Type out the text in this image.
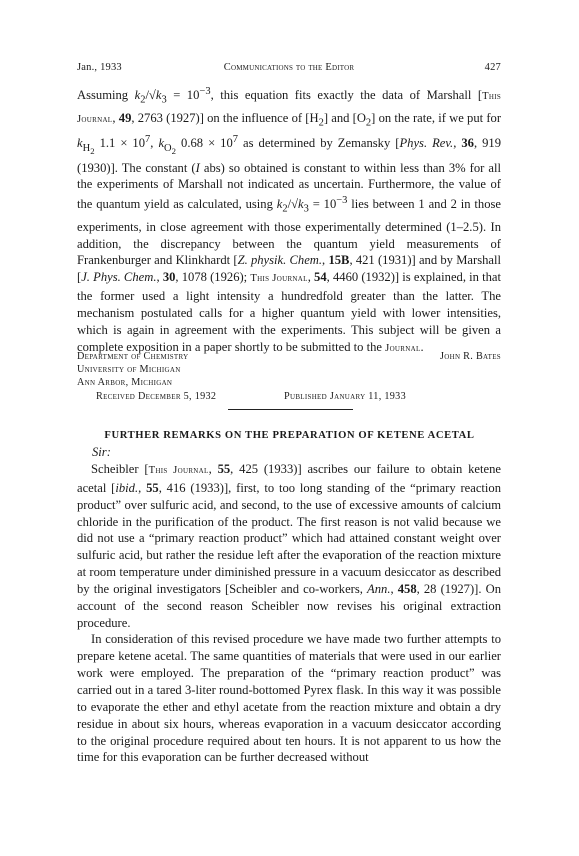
Jan., 1933	Communications to the Editor	427

Assuming $k_2/√k_3 = 10^{-3}$, this equation fits exactly the data of Marshall [This Journal, 49, 2763 (1927)] on the influence of $[H_2]$ and $[O_2]$ on the rate, if we put for $k_{H_2}$ $1.1 \times 10^7$, $k_{O_2}$ $0.68 \times 10^7$ as determined by Zemansky [Phys. Rev., 36, 919 (1930)]. The constant (I abs) so obtained is constant to within less than 3% for all the experiments of Marshall not indicated as uncertain. Furthermore, the value of the quantum yield as calculated, using $k_2/√k_3 = 10^{-3}$ lies between 1 and 2 in those experiments, in close agreement with those experimentally determined (1–2.5). In addition, the discrepancy between the quantum yield measurements of Frankenburger and Klinkhardt [Z. physik. Chem., 15B, 421 (1931)] and by Marshall [J. Phys. Chem., 30, 1078 (1926); This Journal, 54, 4460 (1932)] is explained, in that the former used a light intensity a hundredfold greater than the latter. The mechanism postulated calls for a higher quantum yield with lower intensities, which is again in agreement with the experiments. This subject will be given a complete exposition in a paper shortly to be submitted to the Journal.

Department of Chemistry	John R. Bates
University of Michigan
Ann Arbor, Michigan
Received December 5, 1932	Published January 11, 1933
FURTHER REMARKS ON THE PREPARATION OF KETENE ACETAL
Sir:

Scheibler [This Journal, 55, 425 (1933)] ascribes our failure to obtain ketene acetal [ibid., 55, 416 (1933)], first, to too long standing of the “primary reaction product” over sulfuric acid, and second, to the use of excessive amounts of calcium chloride in the purification of the product. The first reason is not valid because we did not use a “primary reaction product” which had attained constant weight over sulfuric acid, but rather the residue left after the evaporation of the reaction mixture at room temperature under diminished pressure in a vacuum desiccator as described by the original investigators [Scheibler and co-workers, Ann., 458, 28 (1927)]. On account of the second reason Scheibler now revises his original extraction procedure.

In consideration of this revised procedure we have made two further attempts to prepare ketene acetal. The same quantities of materials that were used in our earlier work were employed. The preparation of the “primary reaction product” was carried out in a tared 3-liter round-bottomed Pyrex flask. In this way it was possible to evaporate the ether and ethyl acetate from the reaction mixture and obtain a dry residue in about six hours, whereas evaporation in a vacuum desiccator according to the original procedure required about ten hours. It is not apparent to us how the time for this evaporation can be further decreased without
